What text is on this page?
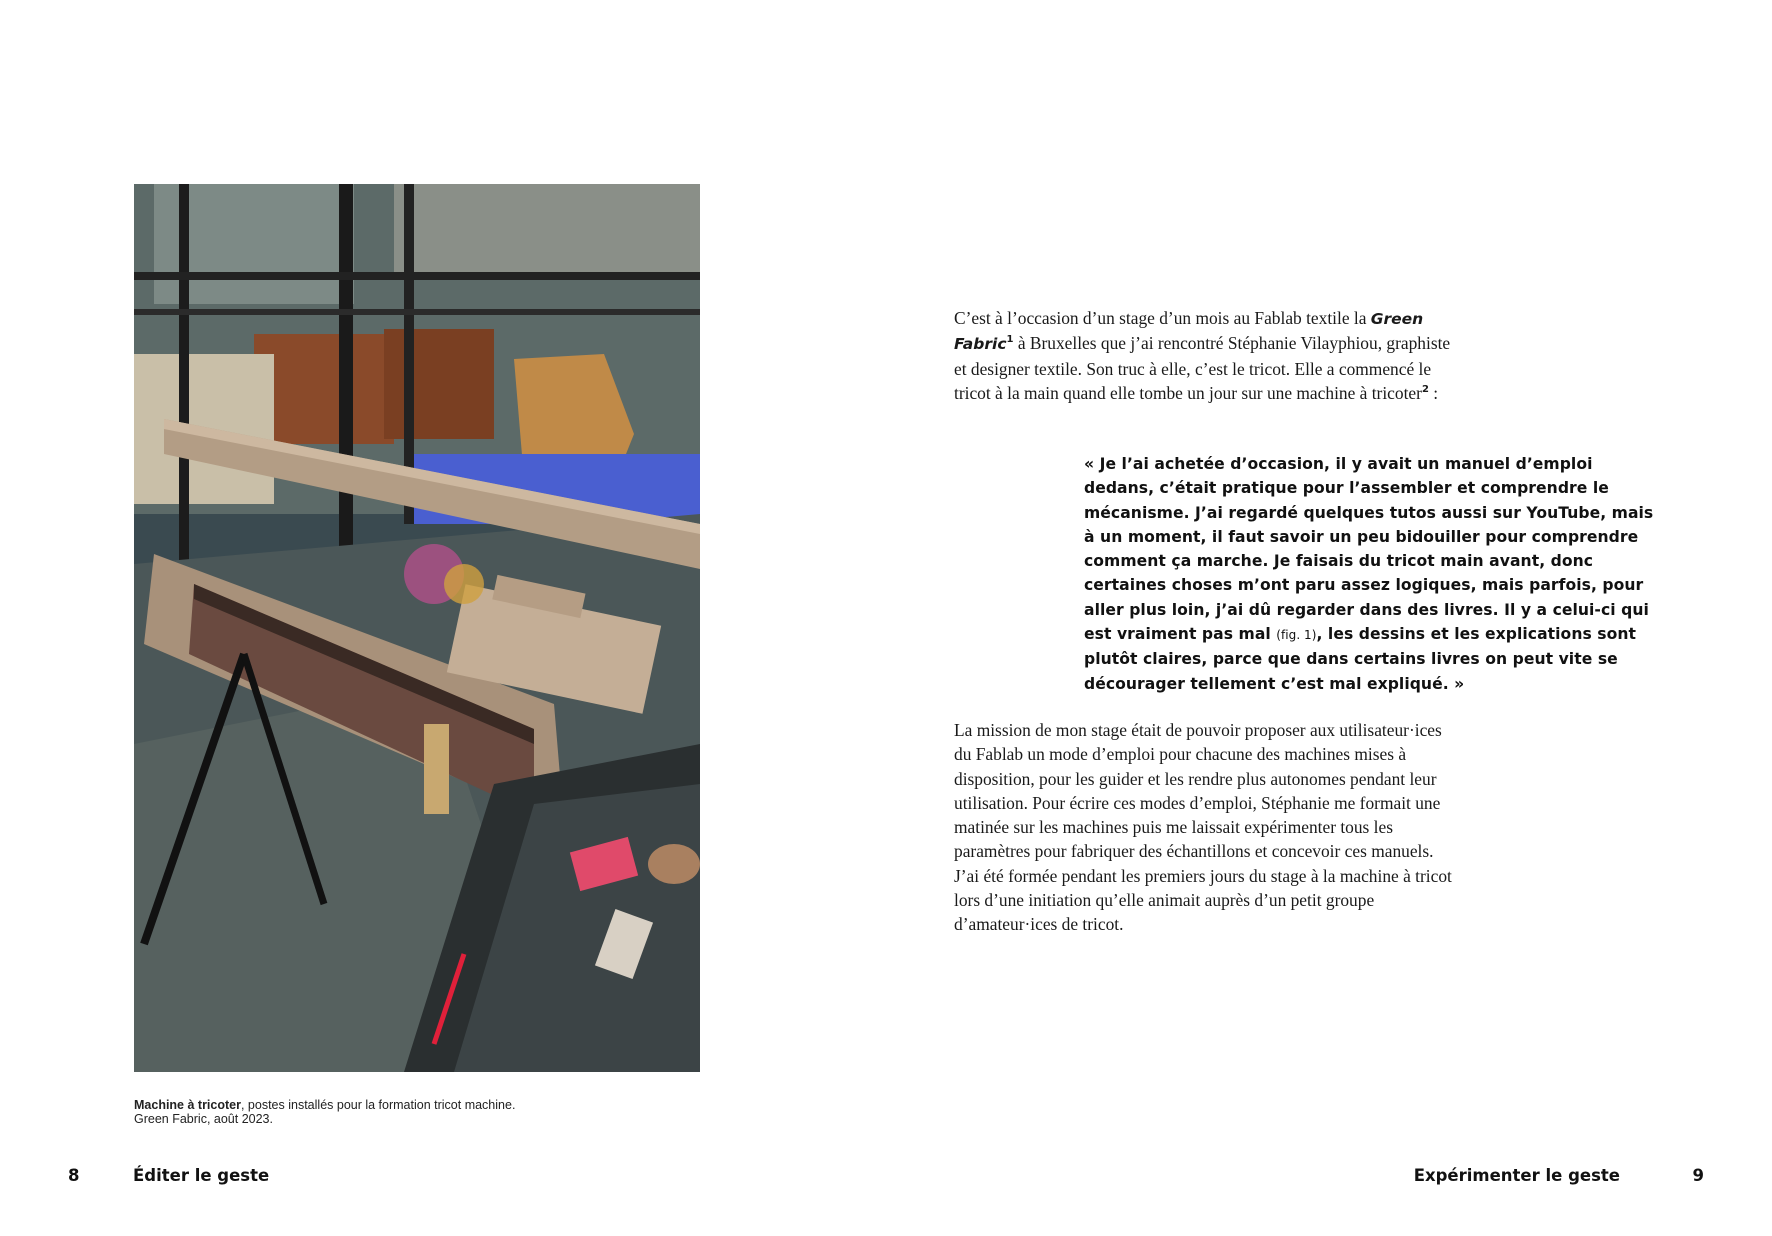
Machine à tricoter, postes installés pour la formation tricot machine.
Green Fabric, août 2023.
8	Éditer le geste
C’est à l’occasion d’un stage d’un mois au Fablab textile la Green Fabric$^1$ à Bruxelles que j’ai rencontré Stéphanie Vilayphiou, graphiste et designer textile. Son truc à elle, c’est le tricot. Elle a commencé le tricot à la main quand elle tombe un jour sur une machine à tricoter$^2$ :
« Je l’ai achetée d’occasion, il y avait un manuel d’emploi dedans, c’était pratique pour l’assembler et comprendre le mécanisme. J’ai regardé quelques tutos aussi sur YouTube, mais à un moment, il faut savoir un peu bidouiller pour comprendre comment ça marche. Je faisais du tricot main avant, donc certaines choses m’ont paru assez logiques, mais parfois, pour aller plus loin, j’ai dû regarder dans des livres. Il y a celui-ci qui est vraiment pas mal (fig. 1), les dessins et les explications sont plutôt claires, parce que dans certains livres on peut vite se décourager tellement c’est mal expliqué. »
La mission de mon stage était de pouvoir proposer aux utilisateur·ices du Fablab un mode d’emploi pour chacune des machines mises à disposition, pour les guider et les rendre plus autonomes pendant leur utilisation. Pour écrire ces modes d’emploi, Stéphanie me formait une matinée sur les machines puis me laissait expérimenter tous les paramètres pour fabriquer des échantillons et concevoir ces manuels. J’ai été formée pendant les premiers jours du stage à la machine à tricot lors d’une initiation qu’elle animait auprès d’un petit groupe d’amateur·ices de tricot.
Expérimenter le geste	9
